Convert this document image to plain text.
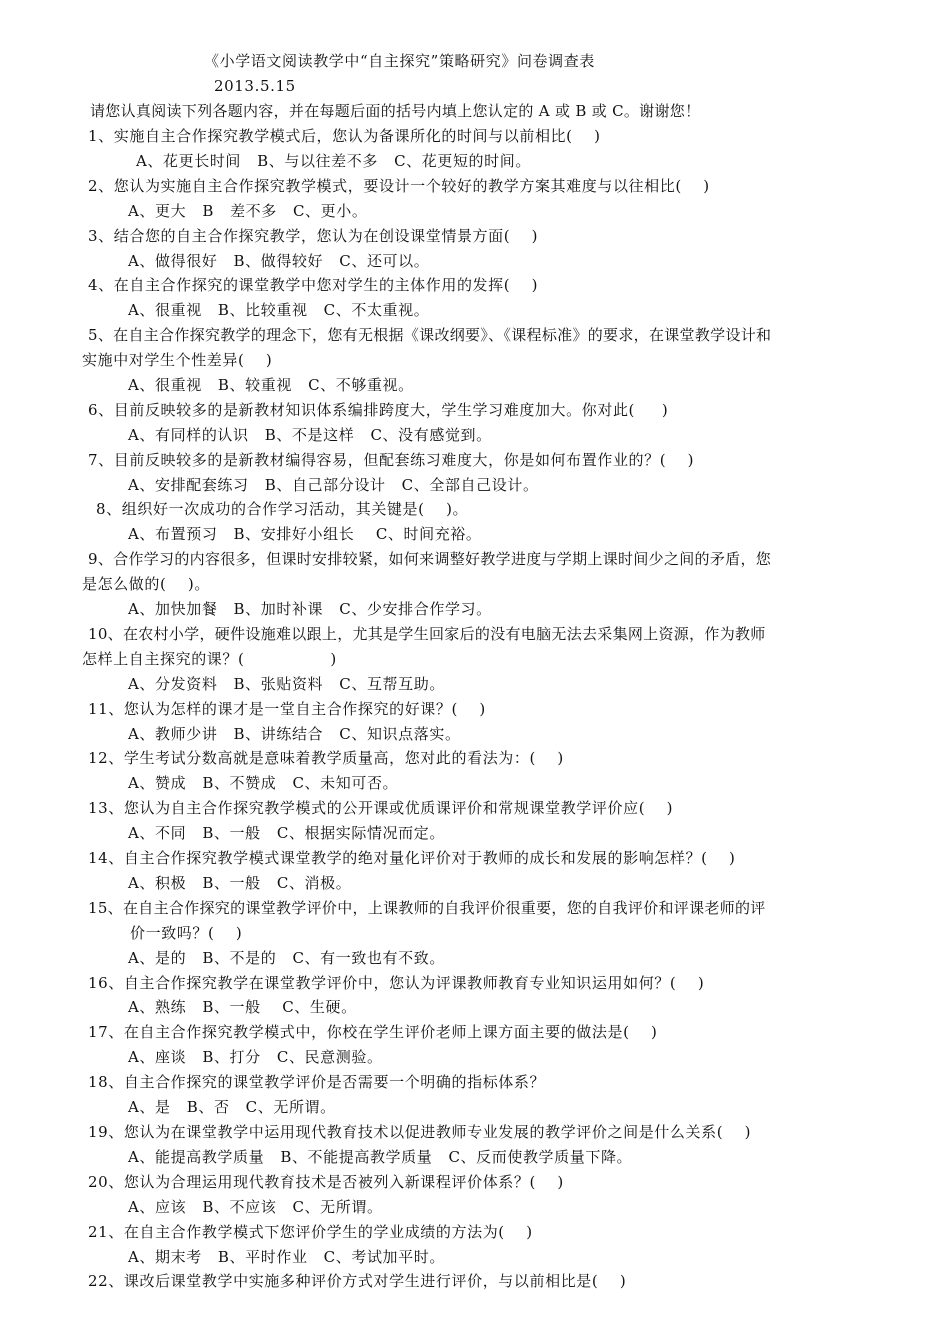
《小学语文阅读教学中“自主探究”策略研究》问卷调查表
2013.5.15
请您认真阅读下列各题内容，并在每题后面的括号内填上您认定的 A 或 B 或 C。谢谢您！
1、实施自主合作探究教学模式后，您认为备课所化的时间与以前相比(    )
A、花更长时间   B、与以往差不多   C、花更短的时间。
2、您认为实施自主合作探究教学模式，要设计一个较好的教学方案其难度与以往相比(    )
A、更大   B   差不多   C、更小。
3、结合您的自主合作探究教学，您认为在创设课堂情景方面(    )
A、做得很好   B、做得较好   C、还可以。
4、在自主合作探究的课堂教学中您对学生的主体作用的发挥(    )
A、很重视   B、比较重视   C、不太重视。
5、在自主合作探究教学的理念下，您有无根据《课改纲要》、《课程标准》的要求，在课堂教学设计和
实施中对学生个性差异(    )
A、很重视   B、较重视   C、不够重视。
6、目前反映较多的是新教材知识体系编排跨度大，学生学习难度加大。你对此(     )
A、有同样的认识   B、不是这样   C、没有感觉到。
7、目前反映较多的是新教材编得容易，但配套练习难度大，你是如何布置作业的？(    )
A、安排配套练习   B、自己部分设计   C、全部自己设计。
8、组织好一次成功的合作学习活动，其关键是(    )。
A、布置预习   B、安排好小组长    C、时间充裕。
9、合作学习的内容很多，但课时安排较紧，如何来调整好教学进度与学期上课时间少之间的矛盾，您
是怎么做的(    )。
A、加快加餐   B、加时补课   C、少安排合作学习。
10、在农村小学，硬件设施难以跟上，尤其是学生回家后的没有电脑无法去采集网上资源，作为教师
怎样上自主探究的课？(                )
A、分发资料   B、张贴资料   C、互帮互助。
11、您认为怎样的课才是一堂自主合作探究的好课？(    )
A、教师少讲   B、讲练结合   C、知识点落实。
12、学生考试分数高就是意味着教学质量高，您对此的看法为：(    )
A、赞成   B、不赞成   C、未知可否。
13、您认为自主合作探究教学模式的公开课或优质课评价和常规课堂教学评价应(    )
A、不同   B、一般   C、根据实际情况而定。
14、自主合作探究教学模式课堂教学的绝对量化评价对于教师的成长和发展的影响怎样？(    )
A、积极   B、一般   C、消极。
15、在自主合作探究的课堂教学评价中，上课教师的自我评价很重要，您的自我评价和评课老师的评
价一致吗？(    )
A、是的   B、不是的   C、有一致也有不致。
16、自主合作探究教学在课堂教学评价中，您认为评课教师教育专业知识运用如何？(    )
A、熟练   B、一般    C、生硬。
17、在自主合作探究教学模式中，你校在学生评价老师上课方面主要的做法是(    )
A、座谈   B、打分   C、民意测验。
18、自主合作探究的课堂教学评价是否需要一个明确的指标体系？
A、是   B、否   C、无所谓。
19、您认为在课堂教学中运用现代教育技术以促进教师专业发展的教学评价之间是什么关系(    )
A、能提高教学质量   B、不能提高教学质量   C、反而使教学质量下降。
20、您认为合理运用现代教育技术是否被列入新课程评价体系？(    )
A、应该   B、不应该   C、无所谓。
21、在自主合作教学模式下您评价学生的学业成绩的方法为(    )
A、期末考   B、平时作业   C、考试加平时。
22、课改后课堂教学中实施多种评价方式对学生进行评价，与以前相比是(    )
